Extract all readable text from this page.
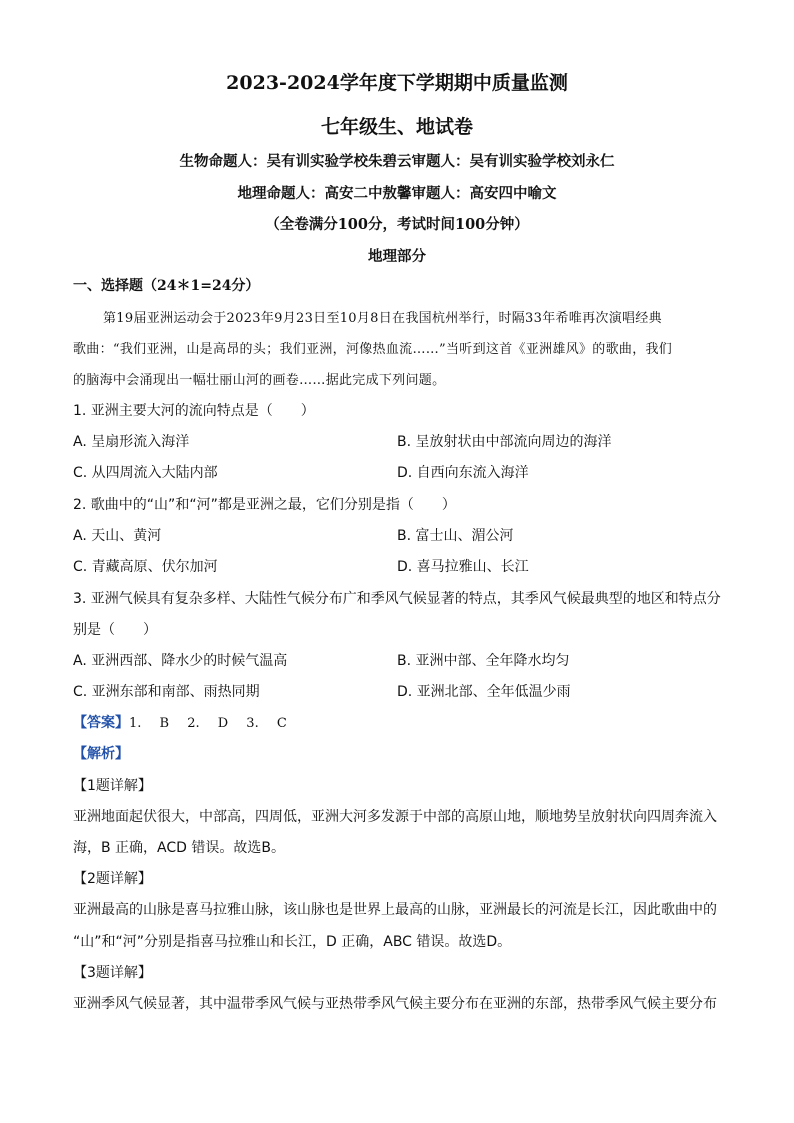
2023-2024学年度下学期期中质量监测
七年级生、地试卷
生物命题人：吴有训实验学校朱碧云审题人：吴有训实验学校刘永仁
地理命题人：高安二中敖馨审题人：高安四中喻文
（全卷满分100分，考试时间100分钟）
地理部分
一、选择题（24＊1=24分）
第19届亚洲运动会于2023年9月23日至10月8日在我国杭州举行，时隔33年希唯再次演唱经典
歌曲：“我们亚洲，山是高昂的头；我们亚洲，河像热血流……”当听到这首《亚洲雄风》的歌曲，我们
的脑海中会涌现出一幅壮丽山河的画卷……据此完成下列问题。
1. 亚洲主要大河的流向特点是（　　）
A. 呈扇形流入海洋	B. 呈放射状由中部流向周边的海洋
C. 从四周流入大陆内部	D. 自西向东流入海洋
2. 歌曲中的“山”和“河”都是亚洲之最，它们分别是指（　　）
A. 天山、黄河	B. 富士山、湄公河
C. 青藏高原、伏尔加河	D. 喜马拉雅山、长江
3. 亚洲气候具有复杂多样、大陆性气候分布广和季风气候显著的特点，其季风气候最典型的地区和特点分
别是（　　）
A. 亚洲西部、降水少的时候气温高	B. 亚洲中部、全年降水均匀
C. 亚洲东部和南部、雨热同期	D. 亚洲北部、全年低温少雨
【答案】1. B 2. D 3. C
【解析】
【1题详解】
亚洲地面起伏很大，中部高，四周低，亚洲大河多发源于中部的高原山地，顺地势呈放射状向四周奔流入
海，B 正确，ACD 错误。故选B。
【2题详解】
亚洲最高的山脉是喜马拉雅山脉，该山脉也是世界上最高的山脉，亚洲最长的河流是长江，因此歌曲中的
“山”和“河”分别是指喜马拉雅山和长江，D 正确，ABC 错误。故选D。
【3题详解】
亚洲季风气候显著，其中温带季风气候与亚热带季风气候主要分布在亚洲的东部，热带季风气候主要分布
